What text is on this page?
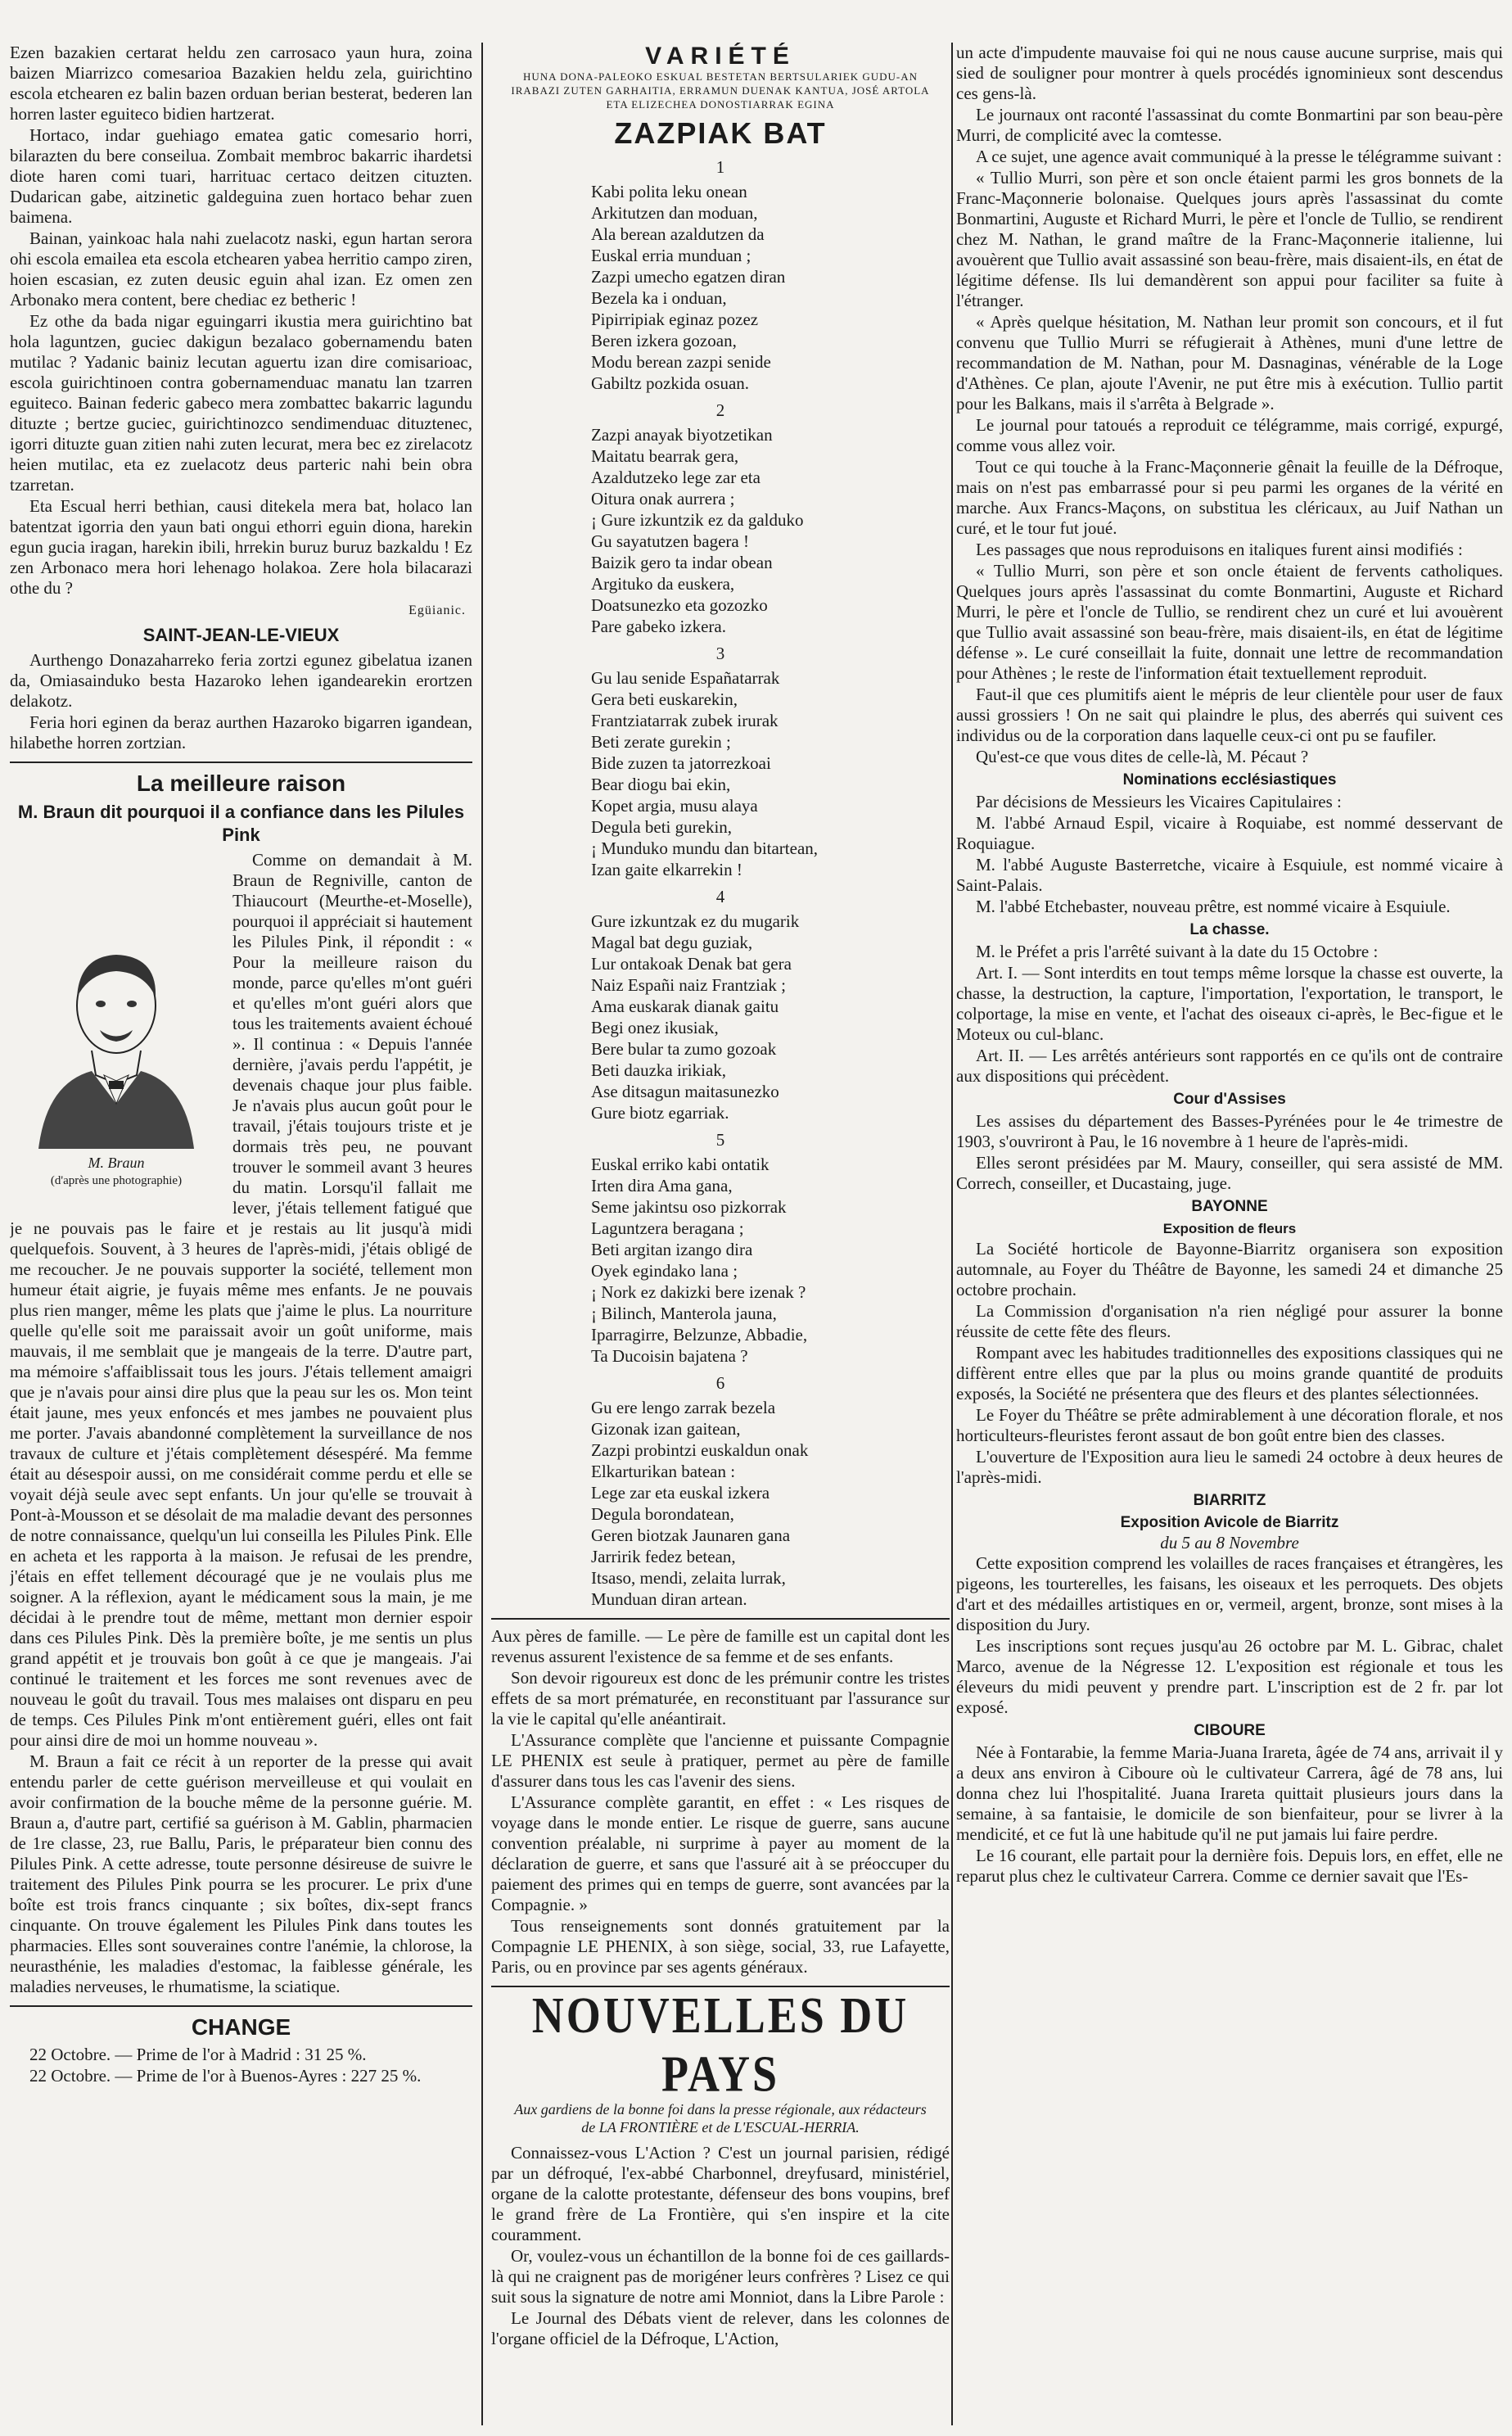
Ezen bazakien certarat heldu zen carrosaco yaun hura, zoina baizen Miarrizco comesarioa Bazakien heldu zela, guirichtino escola etchearen ez balin bazen orduan berian besterat, bederen lan horren laster eguiteco bidien hartzerat.

Hortaco, indar guehiago ematea gatic comesario horri, bilarazten du bere conseilua. Zombait membroc bakarric ihardetsi diote haren comi tuari, harrituac certaco deitzen cituzten. Dudarican gabe, aitzinetic galdeguina zuen hortaco behar zuen baimena.

Bainan, yainkoac hala nahi zuelacotz naski, egun hartan serora ohi escola emailea eta escola etchearen yabea herritio campo ziren, hoien escasian, ez zuten deusic eguin ahal izan. Ez omen zen Arbonako mera content, bere chediac ez betheric !

Ez othe da bada nigar eguingarri ikustia mera guirichtino bat hola laguntzen, guciec dakigun bezalaco gobernamendu baten mutilac ? Yadanic bainiz lecutan aguertu izan dire comisarioac, escola guirichtinoen contra gobernamenduac manatu lan tzarren eguiteco. Bainan federic gabeco mera zombattec bakarric lagundu dituzte ; bertze guciec, guirichtinozco sendimenduac dituztenec, igorri dituzte guan zitien nahi zuten lecurat, mera bec ez zirelacotz heien mutilac, eta ez zuelacotz deus parteric nahi bein obra tzarretan.

Eta Escual herri bethian, causi ditekela mera bat, holaco lan batentzat igorria den yaun bati ongui ethorri eguin diona, harekin egun gucia iragan, harekin ibili, hrrekin buruz buruz bazkaldu ! Ez zen Arbonaco mera hori lehenago holakoa. Zere hola bilacarazi othe du ?

Egüianic.
SAINT-JEAN-LE-VIEUX

Aurthengo Donazaharreko feria zortzi egunez gibelatua izanen da, Omiasainduko besta Hazaroko lehen igandearekin erortzen delakotz.

Feria hori eginen da beraz aurthen Hazaroko bigarren igandean, hilabethe horren zortzian.

La meilleure raison
M. Braun dit pourquoi il a confiance dans les Pilules Pink
M. Braun
(d'après une photographie)

Comme on demandait à M. Braun de Regniville, canton de Thiaucourt (Meurthe-et-Moselle), pourquoi il appréciait si hautement les Pilules Pink, il répondit : « Pour la meilleure raison du monde, parce qu'elles m'ont guéri et qu'elles m'ont guéri alors que tous les traitements avaient échoué ». Il continua : « Depuis l'année dernière, j'avais perdu l'appétit, je devenais chaque jour plus faible. Je n'avais plus aucun goût pour le travail, j'étais toujours triste et je dormais très peu, ne pouvant trouver le sommeil avant 3 heures du matin. Lorsqu'il fallait me lever, j'étais tellement fatigué que je ne pouvais pas le faire et je restais au lit jusqu'à midi quelquefois. Souvent, à 3 heures de l'après-midi, j'étais obligé de me recoucher. Je ne pouvais supporter la société, tellement mon humeur était aigrie, je fuyais même mes enfants. Je ne pouvais plus rien manger, même les plats que j'aime le plus. La nourriture quelle qu'elle soit me paraissait avoir un goût uniforme, mais mauvais, il me semblait que je mangeais de la terre. D'autre part, ma mémoire s'affaiblissait tous les jours. J'étais tellement amaigri que je n'avais pour ainsi dire plus que la peau sur les os. Mon teint était jaune, mes yeux enfoncés et mes jambes ne pouvaient plus me porter. J'avais abandonné complètement la surveillance de nos travaux de culture et j'étais complètement désespéré. Ma femme était au désespoir aussi, on me considérait comme perdu et elle se voyait déjà seule avec sept enfants. Un jour qu'elle se trouvait à Pont-à-Mousson et se désolait de ma maladie devant des personnes de notre connaissance, quelqu'un lui conseilla les Pilules Pink. Elle en acheta et les rapporta à la maison. Je refusai de les prendre, j'étais en effet tellement découragé que je ne voulais plus me soigner. A la réflexion, ayant le médicament sous la main, je me décidai à le prendre tout de même, mettant mon dernier espoir dans ces Pilules Pink. Dès la première boîte, je me sentis un plus grand appétit et je trouvais bon goût à ce que je mangeais. J'ai continué le traitement et les forces me sont revenues avec de nouveau le goût du travail. Tous mes malaises ont disparu en peu de temps. Ces Pilules Pink m'ont entièrement guéri, elles ont fait pour ainsi dire de moi un homme nouveau ».

M. Braun a fait ce récit à un reporter de la presse qui avait entendu parler de cette guérison merveilleuse et qui voulait en avoir confirmation de la bouche même de la personne guérie. M. Braun a, d'autre part, certifié sa guérison à M. Gablin, pharmacien de 1re classe, 23, rue Ballu, Paris, le préparateur bien connu des Pilules Pink. A cette adresse, toute personne désireuse de suivre le traitement des Pilules Pink pourra se les procurer. Le prix d'une boîte est trois francs cinquante ; six boîtes, dix-sept francs cinquante. On trouve également les Pilules Pink dans toutes les pharmacies. Elles sont souveraines contre l'anémie, la chlorose, la neurasthénie, les maladies d'estomac, la faiblesse générale, les maladies nerveuses, le rhumatisme, la sciatique.

CHANGE

22 Octobre. — Prime de l'or à Madrid : 31 25 %.

22 Octobre. — Prime de l'or à Buenos-Ayres : 227 25 %.

VARIÉTÉ
HUNA DONA-PALEOKO ESKUAL BESTETAN BERTSULARIEK GUDU-AN IRABAZI ZUTEN GARHAITIA, ERRAMUN DUENAK KANTUA, JOSÉ ARTOLA ETA ELIZECHEA DONOSTIARRAK EGINA
ZAZPIAK BAT
1
Kabi polita leku onean
Arkitutzen dan moduan,
Ala berean azaldutzen da
Euskal erria munduan ;
Zazpi umecho egatzen diran
Bezela ka i onduan,
Pipirripiak eginaz pozez
Beren izkera gozoan,
Modu berean zazpi senide
Gabiltz pozkida osuan.
2
Zazpi anayak biyotzetikan
Maitatu bearrak gera,
Azaldutzeko lege zar eta
Oitura onak aurrera ;
¡ Gure izkuntzik ez da galduko
Gu sayatutzen bagera !
Baizik gero ta indar obean
Argituko da euskera,
Doatsunezko eta gozozko
Pare gabeko izkera.
3
Gu lau senide Españatarrak
Gera beti euskarekin,
Frantziatarrak zubek irurak
Beti zerate gurekin ;
Bide zuzen ta jatorrezkoai
Bear diogu bai ekin,
Kopet argia, musu alaya
Degula beti gurekin,
¡ Munduko mundu dan bitartean,
Izan gaite elkarrekin !
4
Gure izkuntzak ez du mugarik
Magal bat degu guziak,
Lur ontakoak Denak bat gera
Naiz Españi naiz Frantziak ;
Ama euskarak dianak gaitu
Begi onez ikusiak,
Bere bular ta zumo gozoak
Beti dauzka irikiak,
Ase ditsagun maitasunezko
Gure biotz egarriak.
5
Euskal erriko kabi ontatik
Irten dira Ama gana,
Seme jakintsu oso pizkorrak
Laguntzera beragana ;
Beti argitan izango dira
Oyek egindako lana ;
¡ Nork ez dakizki bere izenak ?
¡ Bilinch, Manterola jauna,
Iparragirre, Belzunze, Abbadie,
Ta Ducoisin bajatena ?
6
Gu ere lengo zarrak bezela
Gizonak izan gaitean,
Zazpi probintzi euskaldun onak
Elkarturikan batean :
Lege zar eta euskal izkera
Degula borondatean,
Geren biotzak Jaunaren gana
Jarririk fedez betean,
Itsaso, mendi, zelaita lurrak,
Munduan diran artean.

Aux pères de famille. — Le père de famille est un capital dont les revenus assurent l'existence de sa femme et de ses enfants.

Son devoir rigoureux est donc de les prémunir contre les tristes effets de sa mort prématurée, en reconstituant par l'assurance sur la vie le capital qu'elle anéantirait.

L'Assurance complète que l'ancienne et puissante Compagnie LE PHENIX est seule à pratiquer, permet au père de famille d'assurer dans tous les cas l'avenir des siens.

L'Assurance complète garantit, en effet : « Les risques de voyage dans le monde entier. Le risque de guerre, sans aucune convention préalable, ni surprime à payer au moment de la déclaration de guerre, et sans que l'assuré ait à se préoccuper du paiement des primes qui en temps de guerre, sont avancées par la Compagnie. »

Tous renseignements sont donnés gratuitement par la Compagnie LE PHENIX, à son siège, social, 33, rue Lafayette, Paris, ou en province par ses agents généraux.

NOUVELLES DU PAYS
Aux gardiens de la bonne foi dans la presse régionale, aux rédacteurs de LA FRONTIÈRE et de L'ESCUAL-HERRIA.

Connaissez-vous L'Action ? C'est un journal parisien, rédigé par un défroqué, l'ex-abbé Charbonnel, dreyfusard, ministériel, organe de la calotte protestante, défenseur des bons voupins, bref le grand frère de La Frontière, qui s'en inspire et la cite couramment.

Or, voulez-vous un échantillon de la bonne foi de ces gaillards-là qui ne craignent pas de morigéner leurs confrères ? Lisez ce qui suit sous la signature de notre ami Monniot, dans la Libre Parole :

Le Journal des Débats vient de relever, dans les colonnes de l'organe officiel de la Défroque, L'Action,

un acte d'impudente mauvaise foi qui ne nous cause aucune surprise, mais qui sied de souligner pour montrer à quels procédés ignominieux sont descendus ces gens-là.

Le journaux ont raconté l'assassinat du comte Bonmartini par son beau-père Murri, de complicité avec la comtesse.

A ce sujet, une agence avait communiqué à la presse le télégramme suivant :

« Tullio Murri, son père et son oncle étaient parmi les gros bonnets de la Franc-Maçonnerie bolonaise. Quelques jours après l'assassinat du comte Bonmartini, Auguste et Richard Murri, le père et l'oncle de Tullio, se rendirent chez M. Nathan, le grand maître de la Franc-Maçonnerie italienne, lui avouèrent que Tullio avait assassiné son beau-frère, mais disaient-ils, en état de légitime défense. Ils lui demandèrent son appui pour faciliter sa fuite à l'étranger.

« Après quelque hésitation, M. Nathan leur promit son concours, et il fut convenu que Tullio Murri se réfugierait à Athènes, muni d'une lettre de recommandation de M. Nathan, pour M. Dasnaginas, vénérable de la Loge d'Athènes. Ce plan, ajoute l'Avenir, ne put être mis à exécution. Tullio partit pour les Balkans, mais il s'arrêta à Belgrade ».

Le journal pour tatoués a reproduit ce télégramme, mais corrigé, expurgé, comme vous allez voir.

Tout ce qui touche à la Franc-Maçonnerie gênait la feuille de la Défroque, mais on n'est pas embarrassé pour si peu parmi les organes de la vérité en marche. Aux Francs-Maçons, on substitua les cléricaux, au Juif Nathan un curé, et le tour fut joué.

Les passages que nous reproduisons en italiques furent ainsi modifiés :

« Tullio Murri, son père et son oncle étaient de fervents catholiques. Quelques jours après l'assassinat du comte Bonmartini, Auguste et Richard Murri, le père et l'oncle de Tullio, se rendirent chez un curé et lui avouèrent que Tullio avait assassiné son beau-frère, mais disaient-ils, en état de légitime défense ». Le curé conseillait la fuite, donnait une lettre de recommandation pour Athènes ; le reste de l'information était textuellement reproduit.

Faut-il que ces plumitifs aient le mépris de leur clientèle pour user de faux aussi grossiers ! On ne sait qui plaindre le plus, des aberrés qui suivent ces individus ou de la corporation dans laquelle ceux-ci ont pu se faufiler.

Qu'est-ce que vous dites de celle-là, M. Pécaut ?

Nominations ecclésiastiques

Par décisions de Messieurs les Vicaires Capitulaires :

M. l'abbé Arnaud Espil, vicaire à Roquiabe, est nommé desservant de Roquiague.

M. l'abbé Auguste Basterretche, vicaire à Esquiule, est nommé vicaire à Saint-Palais.

M. l'abbé Etchebaster, nouveau prêtre, est nommé vicaire à Esquiule.

La chasse.

M. le Préfet a pris l'arrêté suivant à la date du 15 Octobre :

Art. I. — Sont interdits en tout temps même lorsque la chasse est ouverte, la chasse, la destruction, la capture, l'importation, l'exportation, le transport, le colportage, la mise en vente, et l'achat des oiseaux ci-après, le Bec-figue et le Moteux ou cul-blanc.

Art. II. — Les arrêtés antérieurs sont rapportés en ce qu'ils ont de contraire aux dispositions qui précèdent.

Cour d'Assises

Les assises du département des Basses-Pyrénées pour le 4e trimestre de 1903, s'ouvriront à Pau, le 16 novembre à 1 heure de l'après-midi.

Elles seront présidées par M. Maury, conseiller, qui sera assisté de MM. Correch, conseiller, et Ducastaing, juge.

BAYONNE
Exposition de fleurs

La Société horticole de Bayonne-Biarritz organisera son exposition automnale, au Foyer du Théâtre de Bayonne, les samedi 24 et dimanche 25 octobre prochain.

La Commission d'organisation n'a rien négligé pour assurer la bonne réussite de cette fête des fleurs.

Rompant avec les habitudes traditionnelles des expositions classiques qui ne diffèrent entre elles que par la plus ou moins grande quantité de produits exposés, la Société ne présentera que des fleurs et des plantes sélectionnées.

Le Foyer du Théâtre se prête admirablement à une décoration florale, et nos horticulteurs-fleuristes feront assaut de bon goût entre bien des classes.

L'ouverture de l'Exposition aura lieu le samedi 24 octobre à deux heures de l'après-midi.

BIARRITZ
Exposition Avicole de Biarritz
du 5 au 8 Novembre

Cette exposition comprend les volailles de races françaises et étrangères, les pigeons, les tourterelles, les faisans, les oiseaux et les perroquets. Des objets d'art et des médailles artistiques en or, vermeil, argent, bronze, sont mises à la disposition du Jury.

Les inscriptions sont reçues jusqu'au 26 octobre par M. L. Gibrac, chalet Marco, avenue de la Négresse 12. L'exposition est régionale et tous les éleveurs du midi peuvent y prendre part. L'inscription est de 2 fr. par lot exposé.

CIBOURE

Née à Fontarabie, la femme Maria-Juana Irareta, âgée de 74 ans, arrivait il y a deux ans environ à Ciboure où le cultivateur Carrera, âgé de 78 ans, lui donna chez lui l'hospitalité. Juana Irareta quittait plusieurs jours dans la semaine, à sa fantaisie, le domicile de son bienfaiteur, pour se livrer à la mendicité, et ce fut là une habitude qu'il ne put jamais lui faire perdre.

Le 16 courant, elle partait pour la dernière fois. Depuis lors, en effet, elle ne reparut plus chez le cultivateur Carrera. Comme ce dernier savait que l'Es-
